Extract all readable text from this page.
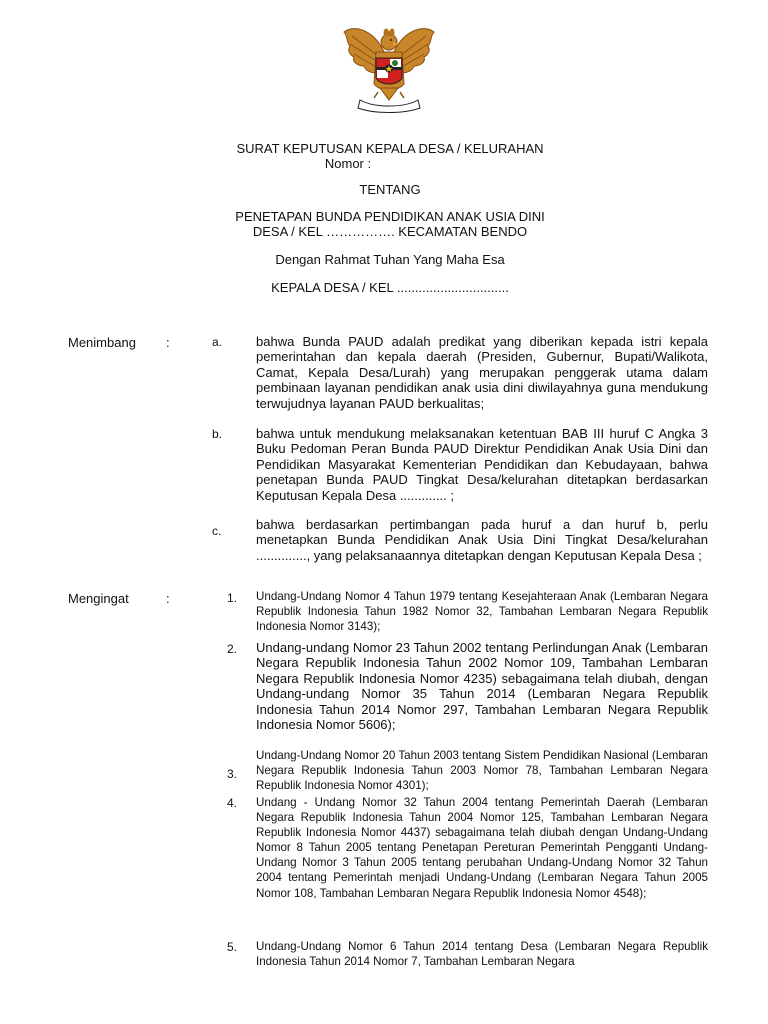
SURAT KEPUTUSAN KEPALA DESA / KELURAHAN
Nomor :
TENTANG
PENETAPAN BUNDA PENDIDIKAN ANAK USIA DINI
DESA / KEL ……………. KECAMATAN BENDO
Dengan Rahmat Tuhan Yang Maha Esa
KEPALA DESA / KEL ...............................
Menimbang :	a.	bahwa Bunda PAUD adalah predikat yang diberikan kepada istri kepala pemerintahan dan kepala daerah (Presiden, Gubernur, Bupati/Walikota, Camat, Kepala Desa/Lurah) yang merupakan penggerak utama dalam pembinaan layanan pendidikan anak usia dini diwilayahnya guna mendukung terwujudnya layanan PAUD berkualitas;
b.	bahwa untuk mendukung melaksanakan ketentuan BAB III huruf C Angka 3 Buku Pedoman Peran Bunda PAUD Direktur Pendidikan Anak Usia Dini dan Pendidikan Masyarakat Kementerian Pendidikan dan Kebudayaan, bahwa penetapan Bunda PAUD Tingkat Desa/kelurahan ditetapkan berdasarkan Keputusan Kepala Desa ............. ;
c.	bahwa berdasarkan pertimbangan pada huruf a dan huruf b, perlu menetapkan Bunda Pendidikan Anak Usia Dini Tingkat Desa/kelurahan .............., yang pelaksanaannya ditetapkan dengan Keputusan Kepala Desa ;
Mengingat	:	1. Undang-Undang Nomor 4 Tahun 1979 tentang Kesejahteraan Anak (Lembaran Negara Republik Indonesia Tahun 1982 Nomor 32, Tambahan Lembaran Negara Republik Indonesia Nomor 3143);
2. Undang-undang Nomor 23 Tahun 2002 tentang Perlindungan Anak (Lembaran Negara Republik Indonesia Tahun 2002 Nomor 109, Tambahan Lembaran Negara Republik Indonesia Nomor 4235) sebagaimana telah diubah, dengan Undang-undang Nomor 35 Tahun 2014 (Lembaran Negara Republik Indonesia Tahun 2014 Nomor 297, Tambahan Lembaran Negara Republik Indonesia Nomor 5606);
3.
Undang-Undang Nomor 20 Tahun 2003 tentang Sistem Pendidikan Nasional (Lembaran Negara Republik Indonesia Tahun 2003 Nomor 78, Tambahan Lembaran Negara Republik Indonesia Nomor 4301);
4. Undang - Undang Nomor 32 Tahun 2004 tentang Pemerintah Daerah (Lembaran Negara Republik Indonesia Tahun 2004 Nomor 125, Tambahan Lembaran Negara Republik Indonesia Nomor 4437) sebagaimana telah diubah dengan Undang-Undang Nomor 8 Tahun 2005 tentang Penetapan Pereturan Pemerintah Pengganti Undang-Undang Nomor 3 Tahun 2005 tentang perubahan Undang-Undang Nomor 32 Tahun 2004 tentang Pemerintah menjadi Undang-Undang (Lembaran Negara Tahun 2005 Nomor 108, Tambahan Lembaran Negara Republik Indonesia Nomor 4548);
5. Undang-Undang Nomor 6 Tahun 2014 tentang Desa (Lembaran Negara Republik Indonesia Tahun 2014 Nomor 7, Tambahan Lembaran Negara
